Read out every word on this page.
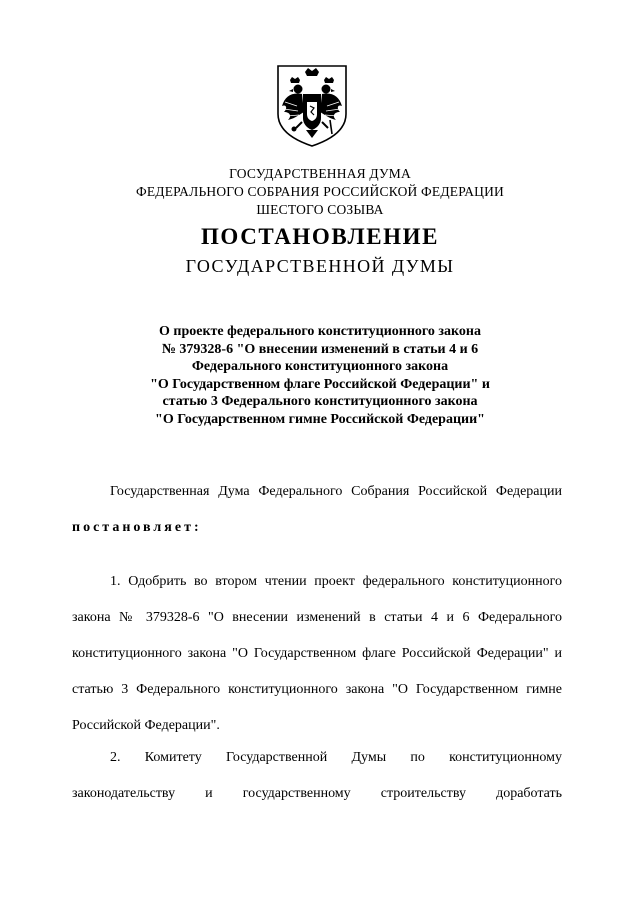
ГОСУДАРСТВЕННАЯ ДУМА
ФЕДЕРАЛЬНОГО СОБРАНИЯ РОССИЙСКОЙ ФЕДЕРАЦИИ
ШЕСТОГО СОЗЫВА
ПОСТАНОВЛЕНИЕ
ГОСУДАРСТВЕННОЙ ДУМЫ
О проекте федерального конституционного закона
№ 379328-6 "О внесении изменений в статьи 4 и 6
Федерального конституционного закона
"О Государственном флаге Российской Федерации" и
статью 3 Федерального конституционного закона
"О Государственном гимне Российской Федерации"

Государственная Дума Федерального Собрания Российской Федерации постановляет:

1. Одобрить во втором чтении проект федерального конституционного закона № 379328-6 "О внесении изменений в статьи 4 и 6 Федерального конституционного закона "О Государственном флаге Российской Федерации" и статью 3 Федерального конституционного закона "О Государственном гимне Российской Федерации".

2. Комитету Государственной Думы по конституционному законодательству и государственному строительству доработать
